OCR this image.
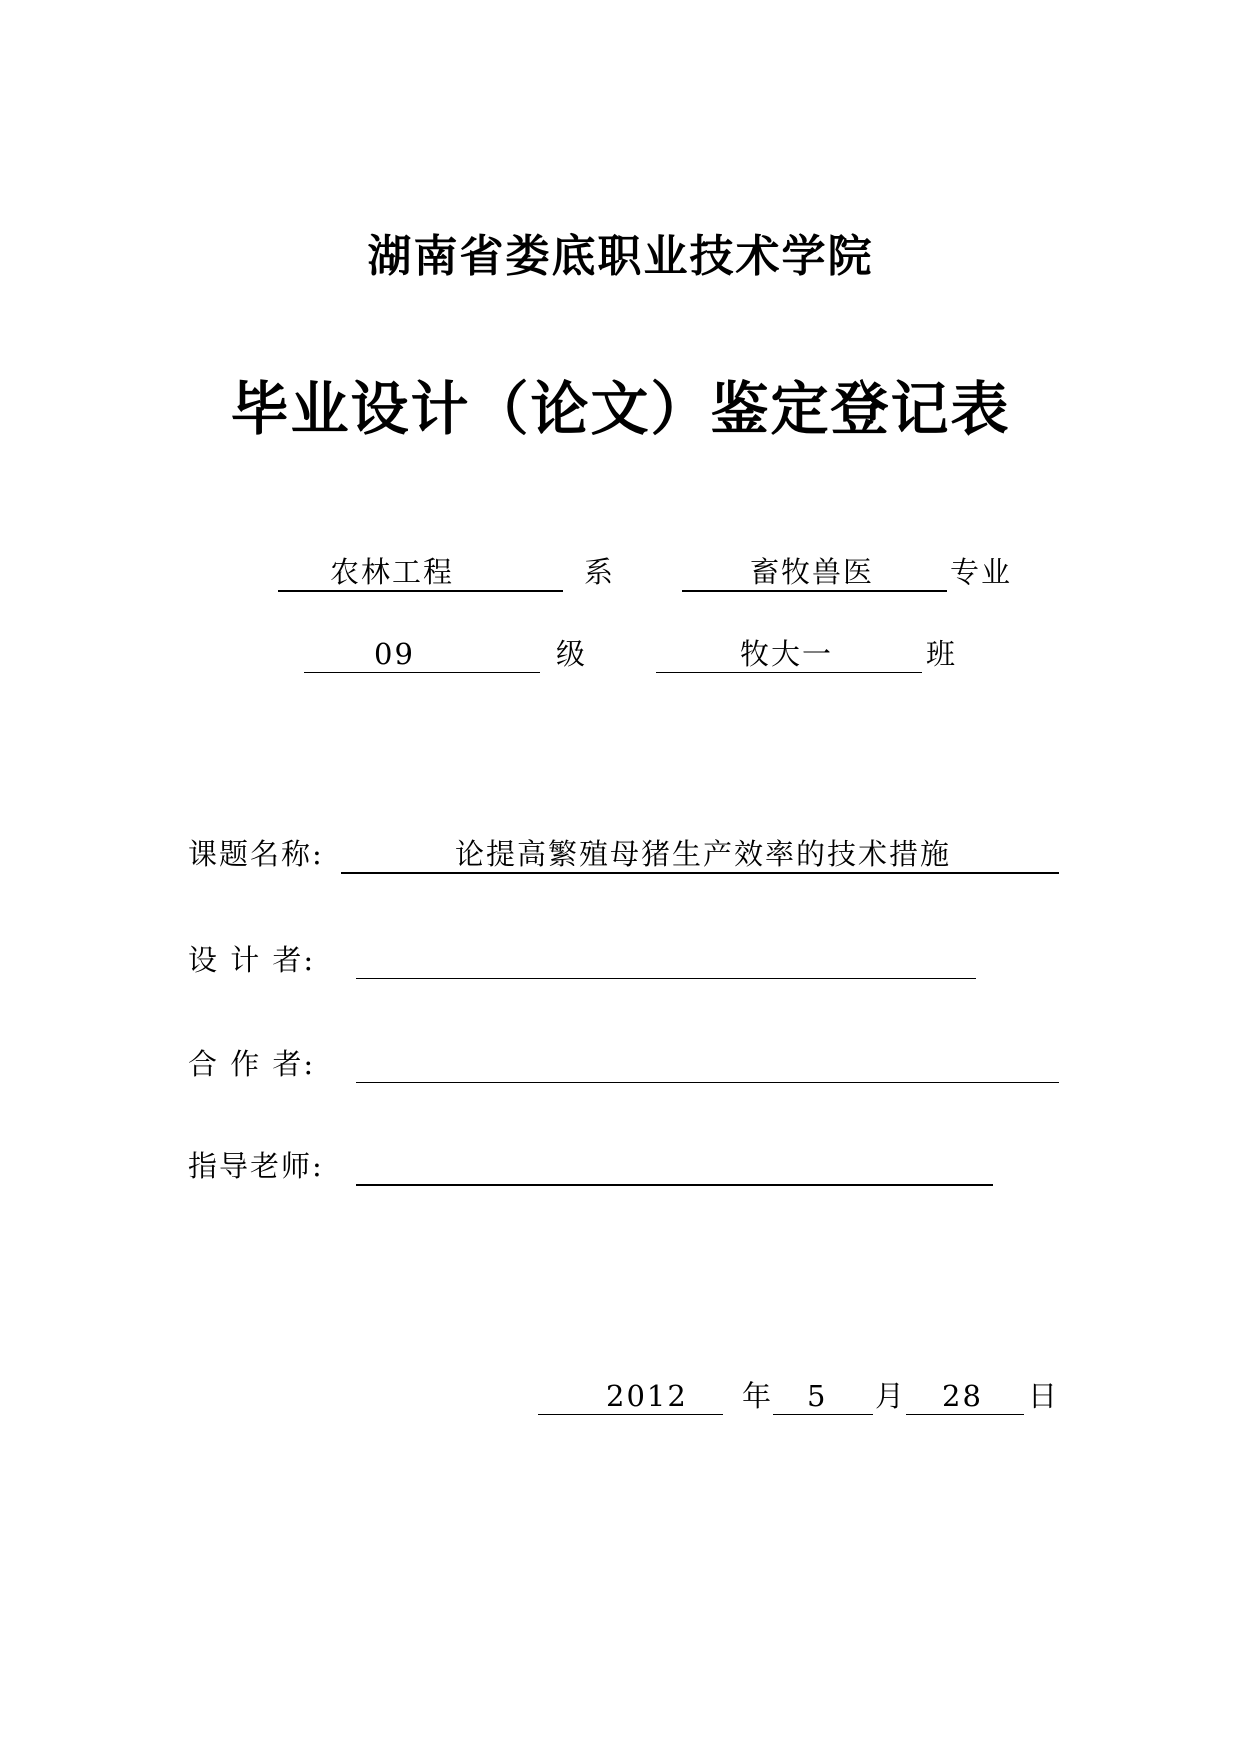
湖南省娄底职业技术学院
毕业设计（论文）鉴定登记表
农林工程	系	畜牧兽医	专业
09	级	牧大一	班
课题名称:	论提高繁殖母猪生产效率的技术措施
设 计 者:
合 作 者:
指导老师:
2012 年 5 月 28 日
